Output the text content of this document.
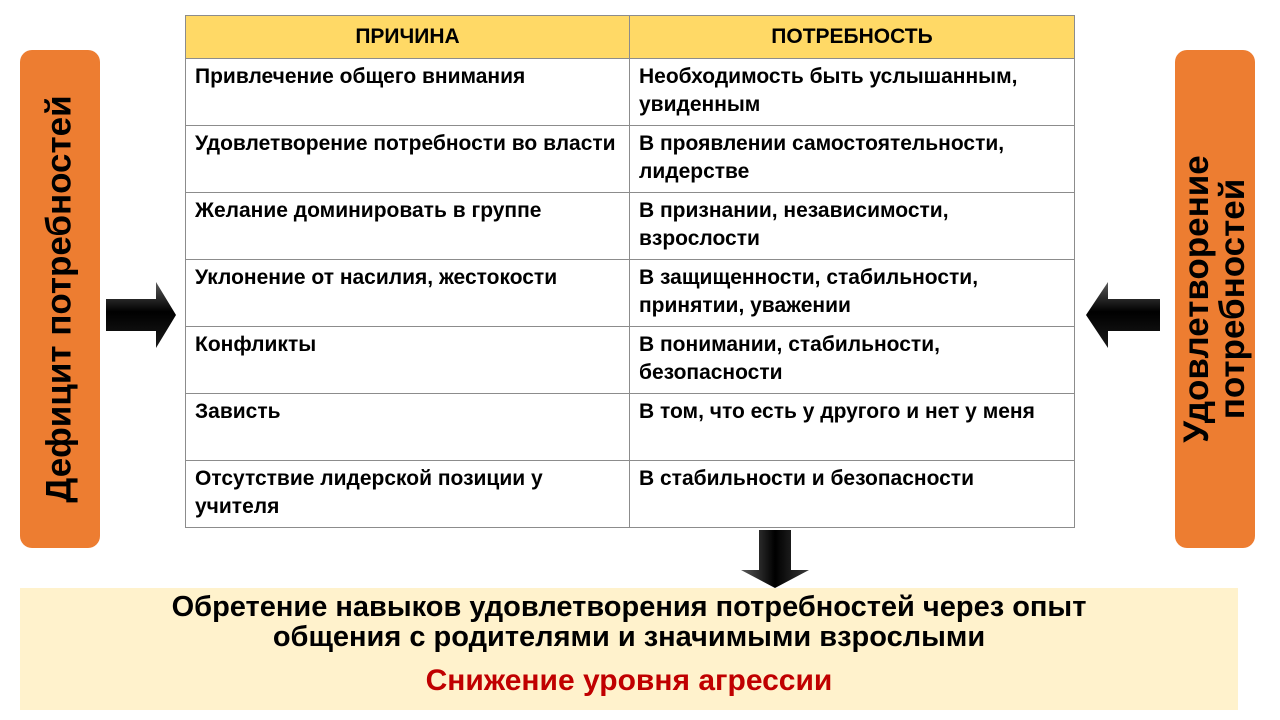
Дефицит потребностей	Удовлетворение
потребностей
ПРИЧИНА	ПОТРЕБНОСТЬ
Привлечение общего внимания	Необходимость быть услышанным, увиденным
Удовлетворение потребности во власти	В проявлении самостоятельности, лидерстве
Желание доминировать в группе	В признании, независимости, взрослости
Уклонение от насилия, жестокости	В защищенности, стабильности, принятии, уважении
Конфликты	В понимании, стабильности, безопасности
Зависть	В том, что есть у другого и нет у меня
Отсутствие лидерской позиции у учителя	В стабильности и безопасности
Обретение навыков удовлетворения потребностей через опыт
общения с родителями и значимыми взрослыми
Снижение уровня агрессии
